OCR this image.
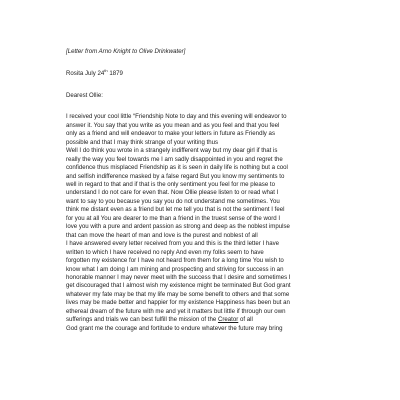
[Letter from Arno Knight to Olive Drinkwater]

Rosita July 24th 1879

Dearest Ollie:

I received your cool little “Friendship Note to day and this evening will endeavor to

answer it. You say that you write as you mean and as you feel and that you feel

only as a friend and will endeavor to make your letters in future as Friendly as

possible and that I may think strange of your writing thus

Well I do think you wrote in a strangely indifferent way but my dear girl if that is

really the way you feel towards me I am sadly disappointed in you and regret the

confidence thus misplaced Friendship as it is seen in daily life is nothing but a cool

and selfish indifference masked by a false regard But you know my sentiments to

well in regard to that and if that is the only sentiment you feel for me please to

understand I do not care for even that. Now Ollie please listen to or read what I

want to say to you because you say you do not understand me sometimes. You

think me distant even as a friend but let me tell you that is not the sentiment I feel

for you at all You are dearer to me than a friend in the truest sense of the word I

love you with a pure and ardent passion as strong and deep as the noblest impulse

that can move the heart of man and love is the purest and noblest of all

I have answered every letter received from you and this is the third letter I have

written to which I have received no reply And even my folks seem to have

forgotten my existence for I have not heard from them for a long time You wish to

know what I am doing I am mining and prospecting and striving for success in an

honorable manner I may never meet with the success that I desire and sometimes I

get discouraged that I almost wish my existence might be terminated But God grant

whatever my fate may be that my life may be some benefit to others and that some

lives may be made better and happier for my existence Happiness has been but an

ethereal dream of the future with me and yet it matters but little if through our own

sufferings and trials we can best fulfill the mission of the Creator of all

God grant me the courage and fortitude to endure whatever the future may bring
